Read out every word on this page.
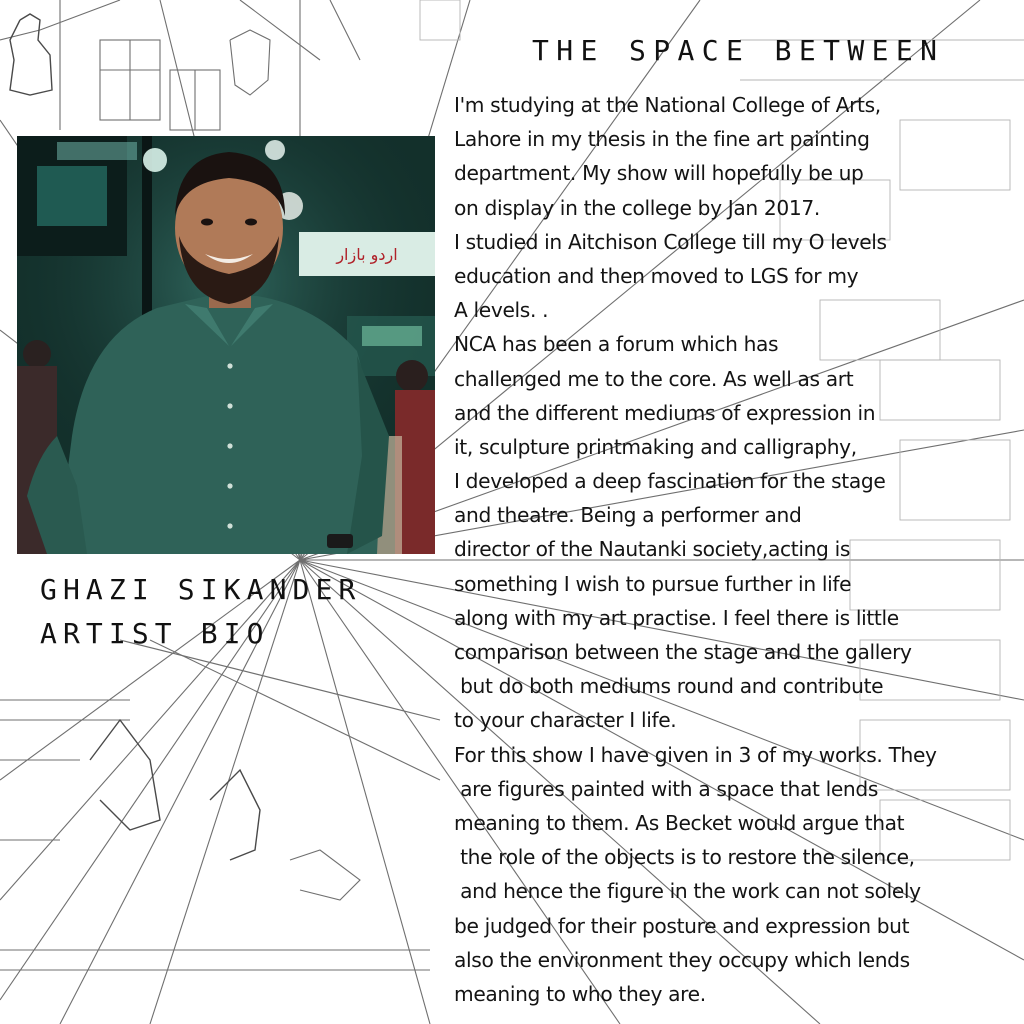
THE SPACE BETWEEN
اردو بازار
GHAZI SIKANDER
ARTIST BIO
I'm studying at the National College of Arts,
Lahore in my thesis in the fine art painting
department. My show will hopefully be up
on display in the college by Jan 2017.
I studied in Aitchison College till my O levels
education and then moved to LGS for my
A levels. .
NCA has been a forum which has
challenged me to the core. As well as art
and the different mediums of expression in
it, sculpture printmaking and calligraphy,
I developed a deep fascination for the stage
and theatre. Being a performer and
director of the Nautanki society,acting is
something I wish to pursue further in life
along with my art practise. I feel there is little
comparison between the stage and the gallery
but do both mediums round and contribute
to your character I life.
For this show I have given in 3 of my works. They
are figures painted with a space that lends
meaning to them. As Becket would argue that
the role of the objects is to restore the silence,
and hence the figure in the work can not solely
be judged for their posture and expression but
also the environment they occupy which lends
meaning to who they are.
